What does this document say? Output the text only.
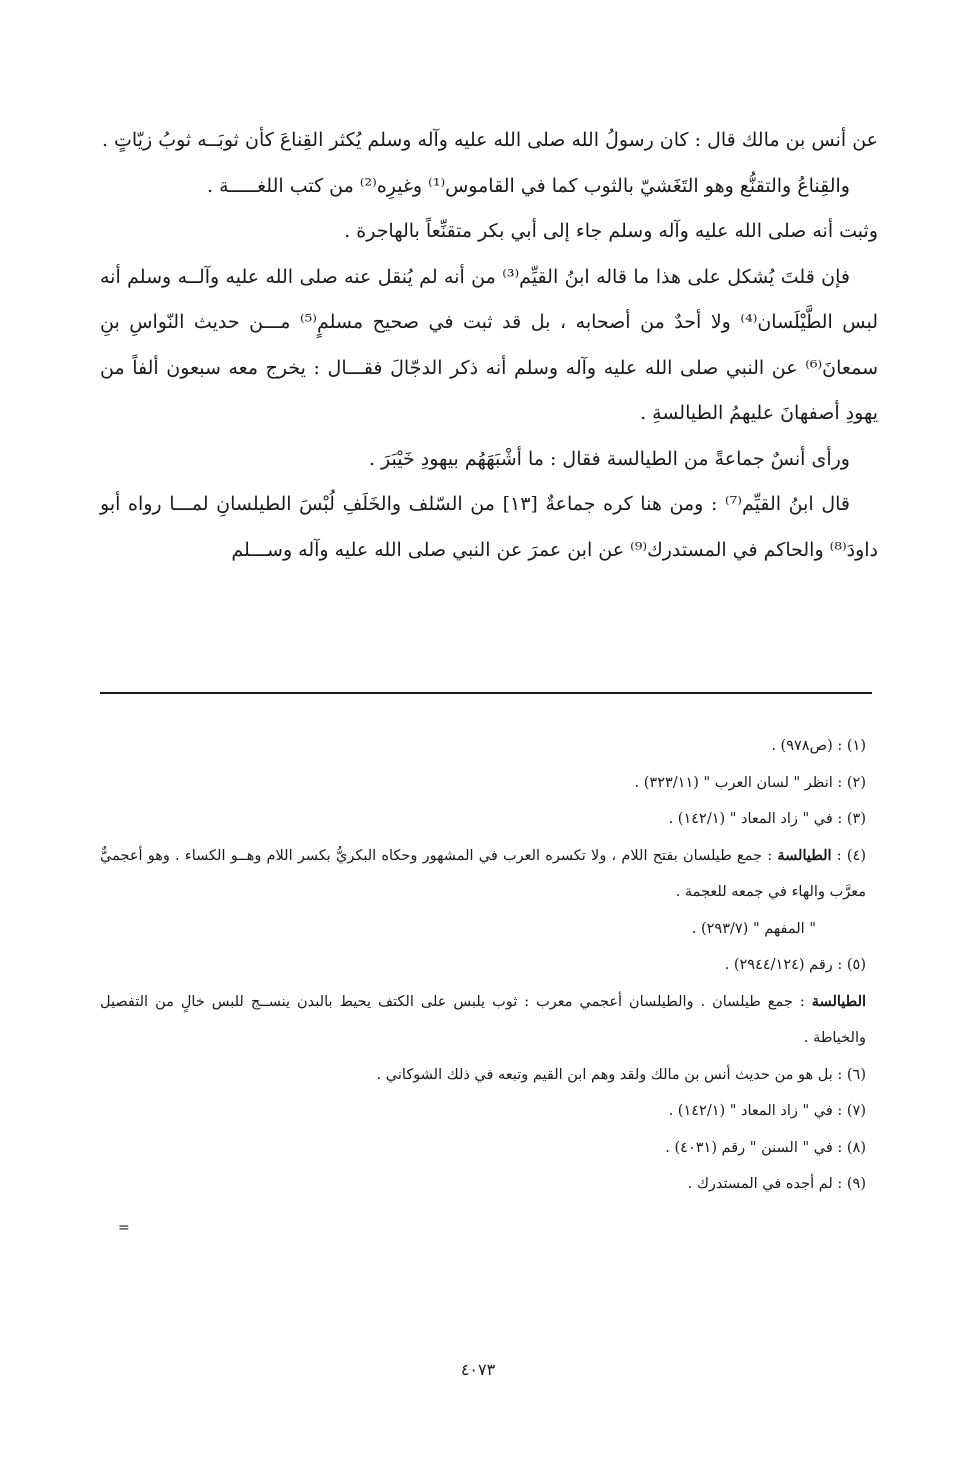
عن أنس بن مالك قال : كان رسولُ الله صلى الله عليه وآله وسلم يُكثر القِناعَ كأن ثوبَــه ثوبُ زيّاتٍ .

والقِناعُ والتقنُّع وهو التَغَشيّ بالثوب كما في القاموس⁽¹⁾ وغيرِه⁽²⁾ من كتب اللغـــــة .

وثبت أنه صلى الله عليه وآله وسلم جاء إلى أبي بكر متقنِّعاً بالهاجرة .

فإن قلتَ يُشكل على هذا ما قاله ابنُ القيِّم⁽³⁾ من أنه لم يُنقل عنه صلى الله عليه وآلــه وسلم أنه لبس الطَّيْلَسان⁽⁴⁾ ولا أحدٌ من أصحابه ، بل قد ثبت في صحيح مسلمٍ⁽⁵⁾ مـــن حديث النّواسِ بنِ سمعانَ⁽⁶⁾ عن النبي صلى الله عليه وآله وسلم أنه ذكر الدجّالَ فقـــال : يخرج معه سبعون ألفاً من يهودِ أصفهانَ عليهمُ الطيالسةِ .

ورأى أنسٌ جماعةً من الطيالسة فقال : ما أشْبَهَهُم بيهودِ خَيْبَرَ .

قال ابنُ القيِّم⁽⁷⁾ : ومن هنا كره جماعةٌ [١٣] من السّلف والخَلَفِ لُبْسَ الطيلسانِ لمـــا رواه أبو داودَ⁽⁸⁾ والحاكم في المستدرك⁽⁹⁾ عن ابن عمرَ عن النبي صلى الله عليه وآله وســـلم

(١) : (ص٩٧٨) .

(٢) : انظر " لسان العرب " (٣٢٣/١١) .

(٣) : في " زاد المعاد " (١٤٢/١) .

(٤) : الطيالسة : جمع طيلسان بفتح اللام ، ولا تكسره العرب في المشهور وحكاه البكريُّ بكسر اللام وهــو الكساء . وهو أعجميٌّ معرَّب والهاء في جمعه للعجمة .

" المفهم " (٢٩٣/٧) .

(٥) : رقم (٢٩٤٤/١٢٤) .

الطيالسة : جمع طيلسان . والطيلسان أعجمي معرب : ثوب يلبس على الكتف يحيط بالبدن ينســج للبس خالٍ من التفصيل والخياطة .

(٦) : بل هو من حديث أنس بن مالك ولقد وهم ابن القيم وتبعه في ذلك الشوكاني .

(٧) : في " زاد المعاد " (١٤٢/١) .

(٨) : في " السنن " رقم (٤٠٣١) .

(٩) : لم أجده في المستدرك .

=
٤٠٧٣
